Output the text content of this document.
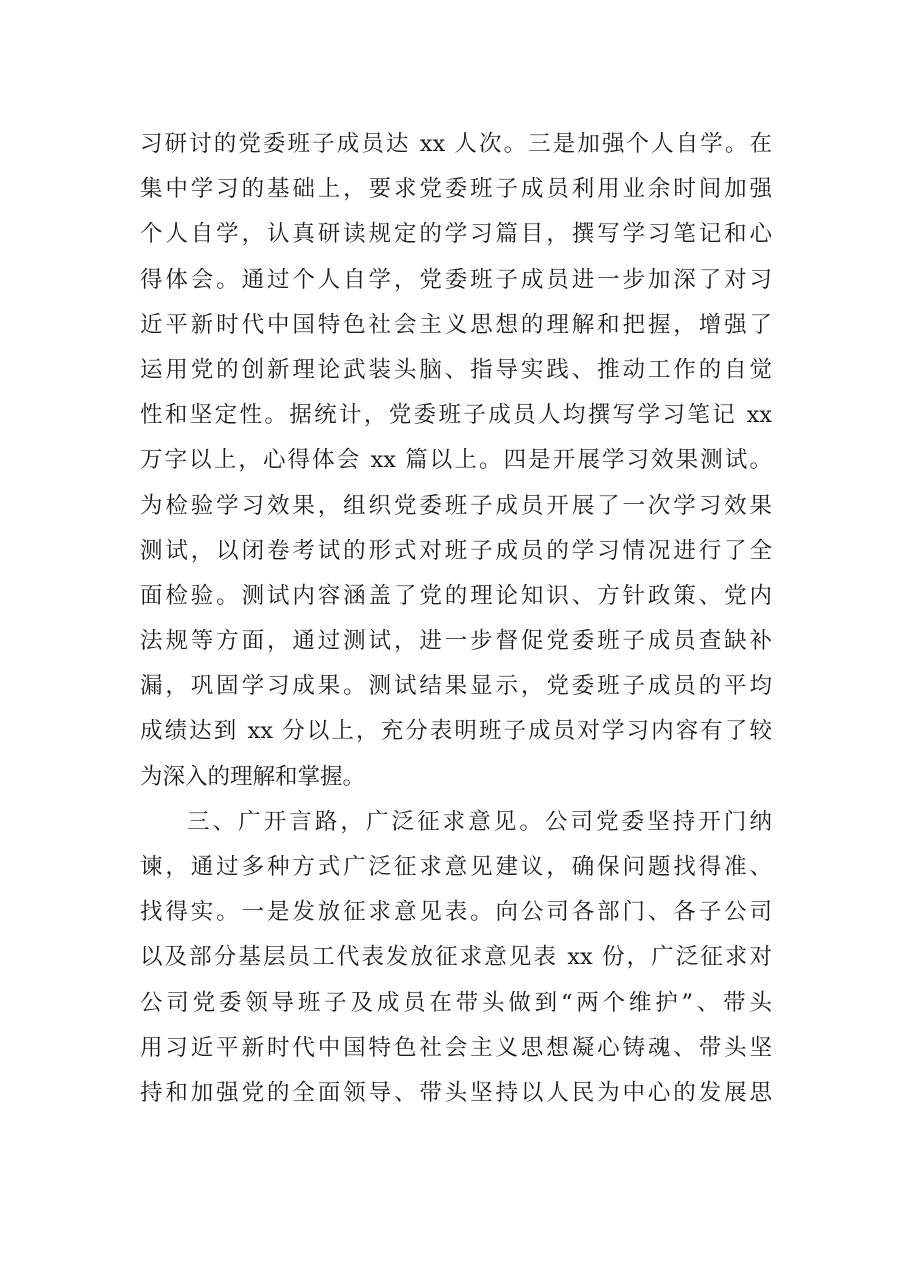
习研讨的党委班子成员达 xx 人次。三是加强个人自学。在
集中学习的基础上，要求党委班子成员利用业余时间加强
个人自学，认真研读规定的学习篇目，撰写学习笔记和心
得体会。通过个人自学，党委班子成员进一步加深了对习
近平新时代中国特色社会主义思想的理解和把握，增强了
运用党的创新理论武装头脑、指导实践、推动工作的自觉
性和坚定性。据统计，党委班子成员人均撰写学习笔记 xx
万字以上，心得体会 xx 篇以上。四是开展学习效果测试。
为检验学习效果，组织党委班子成员开展了一次学习效果
测试，以闭卷考试的形式对班子成员的学习情况进行了全
面检验。测试内容涵盖了党的理论知识、方针政策、党内
法规等方面，通过测试，进一步督促党委班子成员查缺补
漏，巩固学习成果。测试结果显示，党委班子成员的平均
成绩达到 xx 分以上，充分表明班子成员对学习内容有了较
为深入的理解和掌握。
三、广开言路，广泛征求意见。公司党委坚持开门纳
谏，通过多种方式广泛征求意见建议，确保问题找得准、
找得实。一是发放征求意见表。向公司各部门、各子公司
以及部分基层员工代表发放征求意见表 xx 份，广泛征求对
公司党委领导班子及成员在带头做到“两个维护”、带头
用习近平新时代中国特色社会主义思想凝心铸魂、带头坚
持和加强党的全面领导、带头坚持以人民为中心的发展思
